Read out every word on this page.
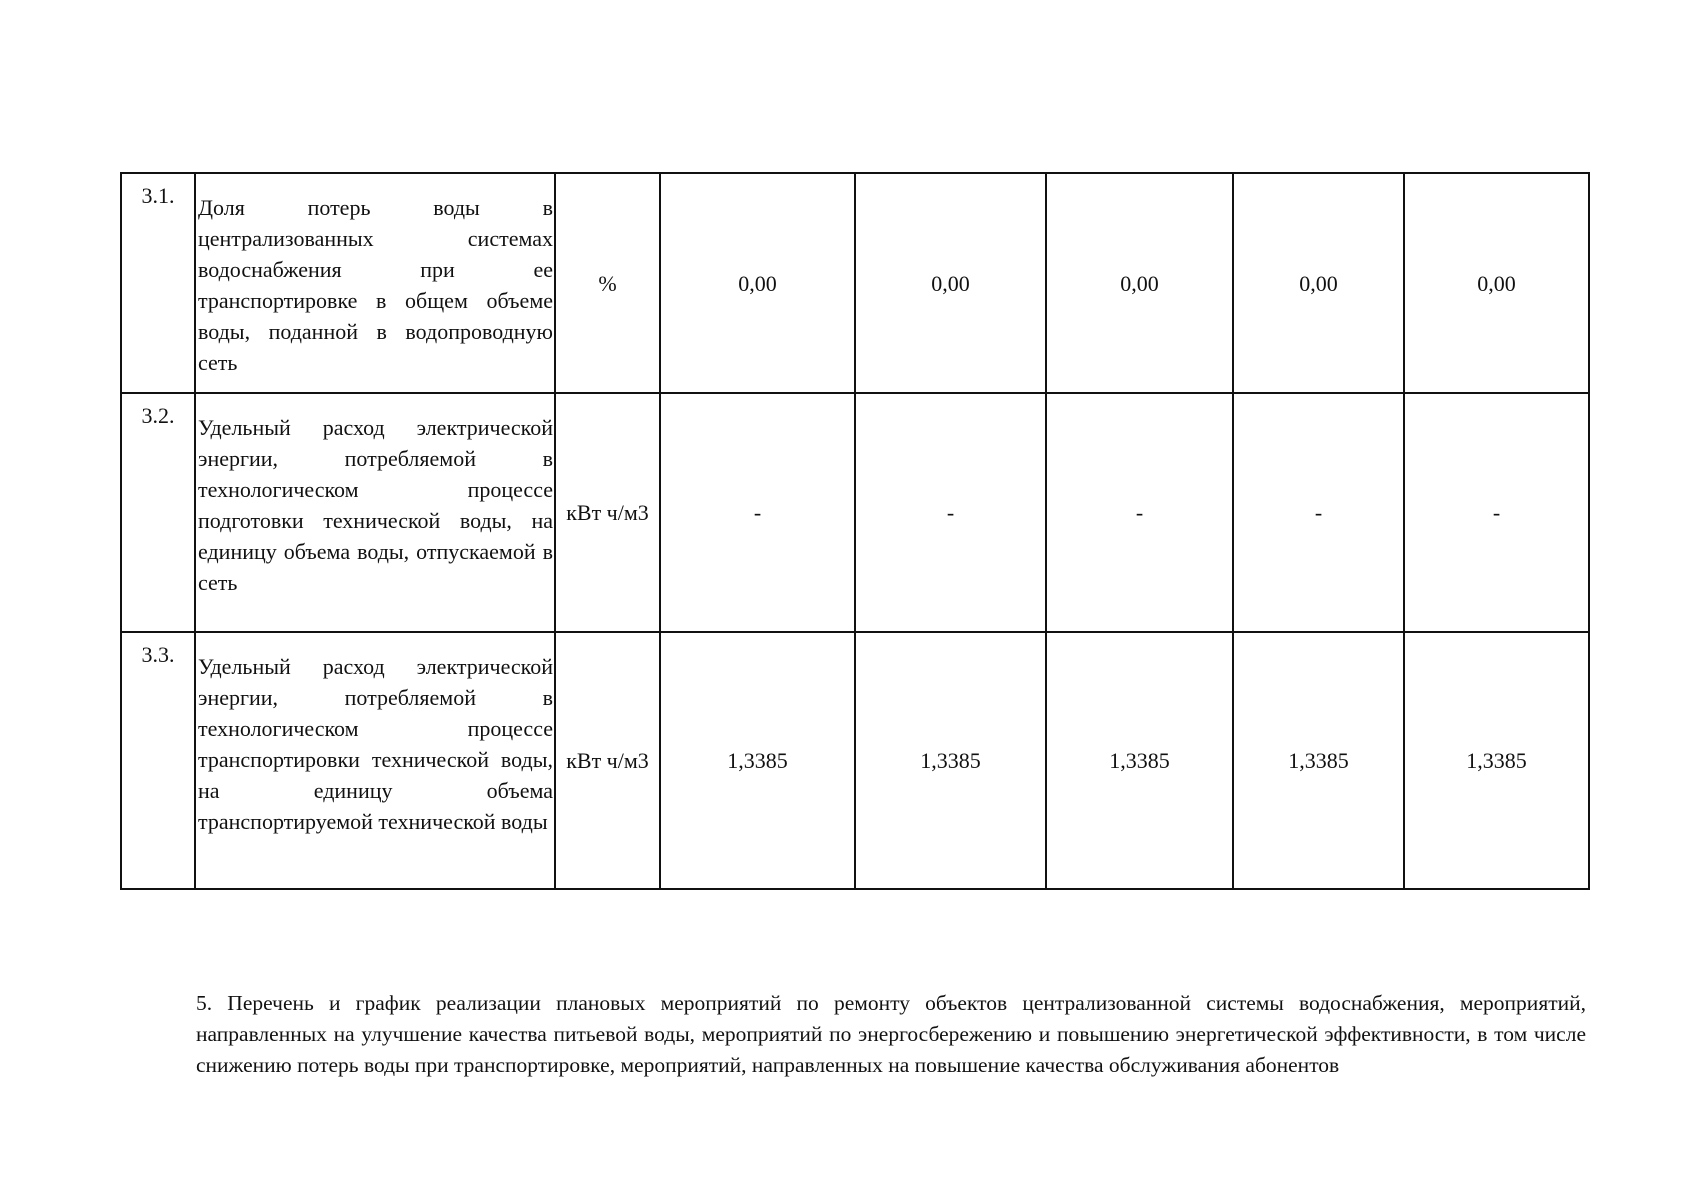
3.1.	Доля потерь воды в централизованных системах водоснабжения при ее транспортировке в общем объеме воды, поданной в водопроводную сеть	%	0,00	0,00	0,00	0,00	0,00
3.2.	Удельный расход электрической энергии, потребляемой в технологическом процессе подготовки технической воды, на единицу объема воды, отпускаемой в сеть	кВт ч/м3	-	-	-	-	-
3.3.	Удельный расход электрической энергии, потребляемой в технологическом процессе транспортировки технической воды, на единицу объема транспортируемой технической воды	кВт ч/м3	1,3385	1,3385	1,3385	1,3385	1,3385

5. Перечень и график реализации плановых мероприятий по ремонту объектов централизованной системы водоснабжения, мероприятий, направленных на улучшение качества питьевой воды, мероприятий по энергосбережению и повышению энергетической эффективности, в том числе снижению потерь воды при транспортировке, мероприятий, направленных на повышение качества обслуживания абонентов
